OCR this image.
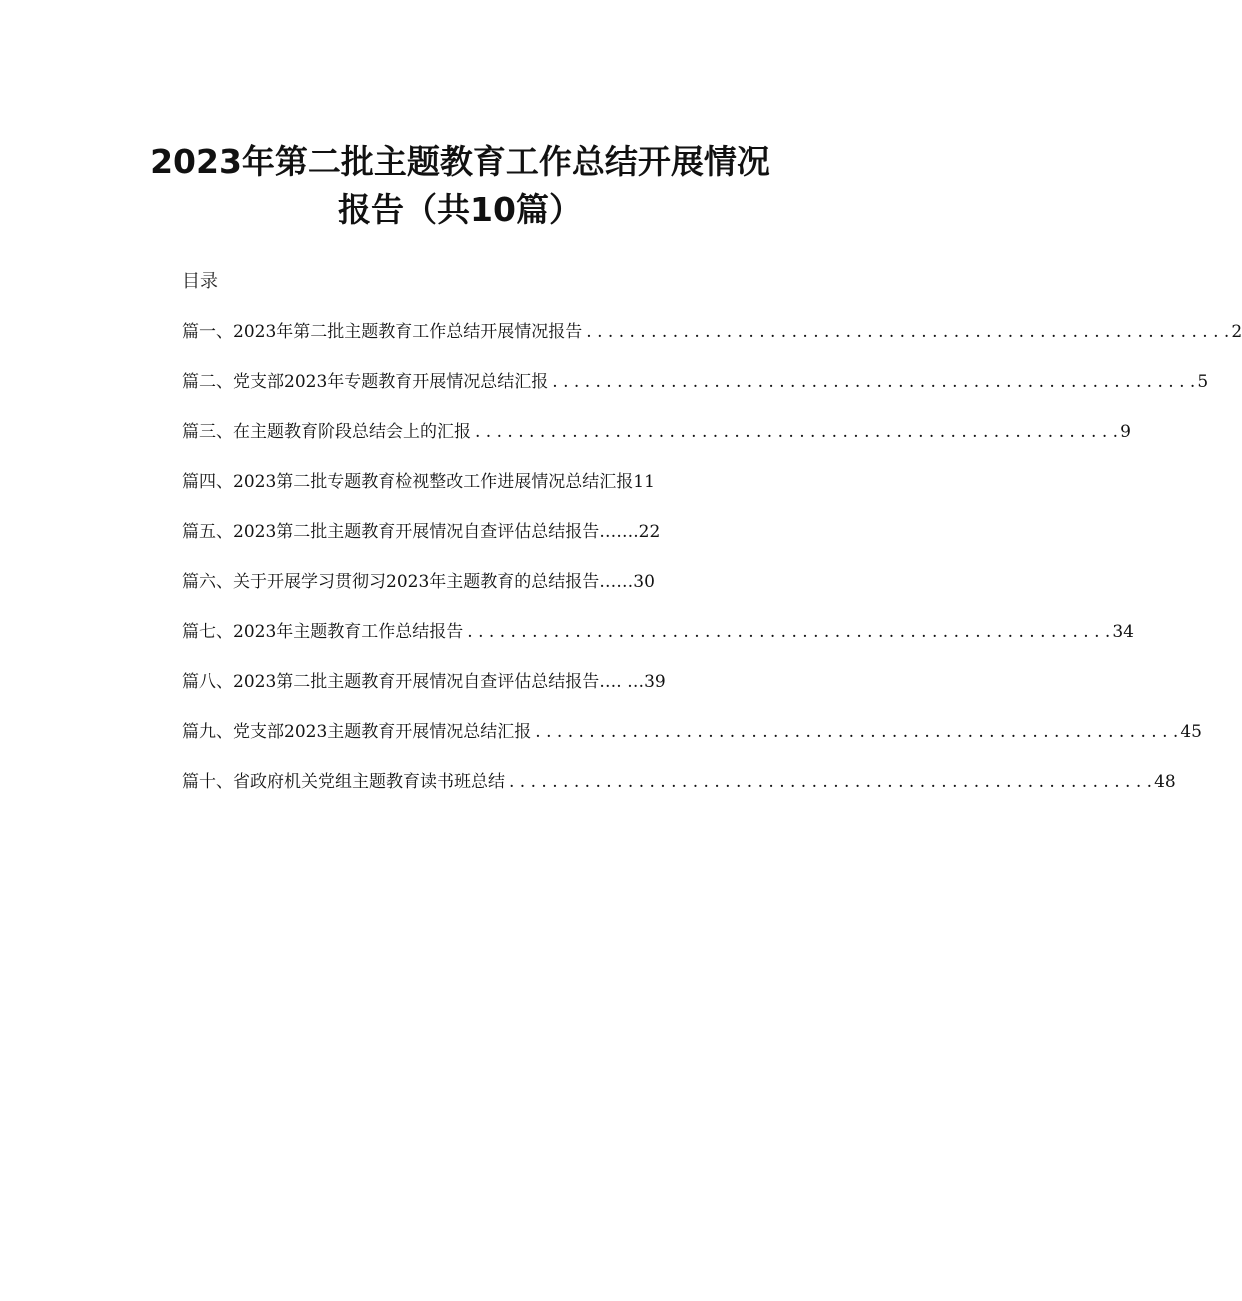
2023年第二批主题教育工作总结开展情况
报告（共10篇）
目录
篇一、2023年第二批主题教育工作总结开展情况报告 . . .	2
篇二、党支部2023年专题教育开展情况总结汇报 . . .	5
篇三、在主题教育阶段总结会上的汇报 . . .	9
篇四、2023第二批专题教育检视整改工作进展情况总结汇报 11
篇五、2023第二批主题教育开展情况自查评估总结报告…… .22
篇六、关于开展学习贯彻习2023年主题教育的总结报告…… 30
篇七、2023年主题教育工作总结报告 . . .	34
篇八、2023第二批主题教育开展情况自查评估总结报告…. … 39
篇九、党支部2023主题教育开展情况总结汇报 . . .	45
篇十、省政府机关党组主题教育读书班总结 . . .	48
